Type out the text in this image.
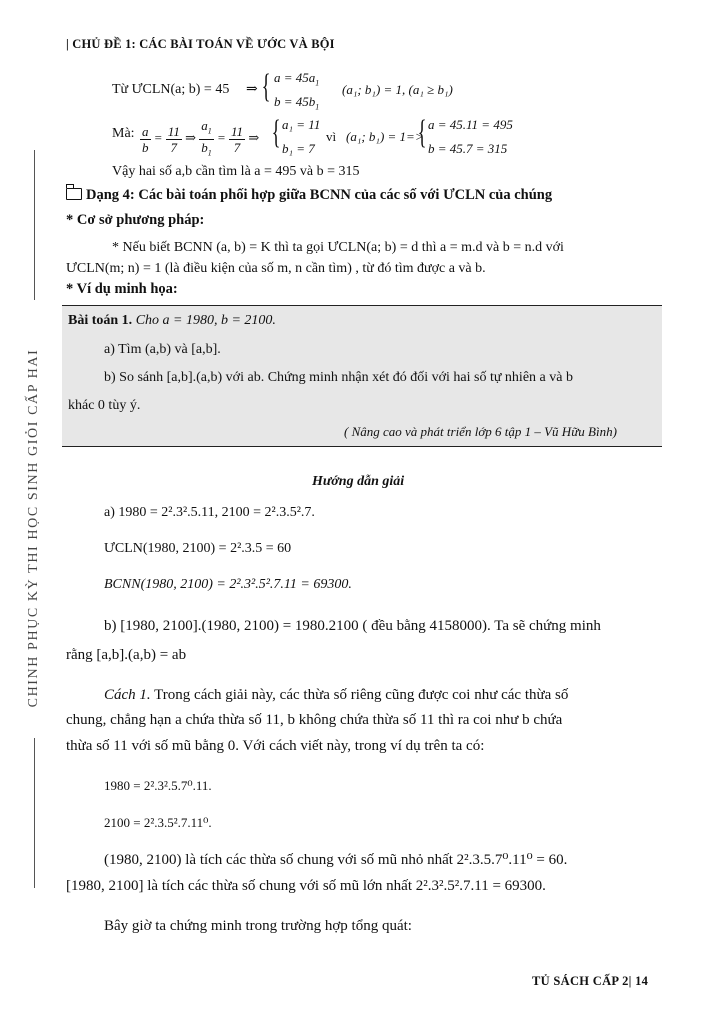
| CHỦ ĐỀ 1: CÁC BÀI TOÁN VỀ ƯỚC VÀ BỘI
CHINH PHỤC KỲ THI HỌC SINH GIỎI CẤP HAI
Từ ƯCLN(a; b) = 45 ⇒ { $a = 45a_1$
$b = 45b_1$
(a₁; b₁) = 1, (a₁ ≥ b₁)
Mà: $\frac{a}{b} = \frac{11}{7}$ ⇒ $\frac{a_1}{b_1} = \frac{11}{7}$ ⇒ { a₁ = 11
b₁ = 7
vì (a₁; b₁) = 1=>
{ a = 45.11 = 495
b = 45.7 = 315
Vậy hai số a,b cần tìm là a = 495 và b = 315
Dạng 4: Các bài toán phối hợp giữa BCNN của các số với ƯCLN của chúng
* Cơ sở phương pháp:
* Nếu biết BCNN (a, b) = K thì ta gọi ƯCLN(a; b) = d thì a = m.d và b = n.d với
ƯCLN(m; n) = 1 (là điều kiện của số m, n cần tìm) , từ đó tìm được a và b.
* Ví dụ minh họa:
Bài toán 1. Cho a = 1980, b = 2100.
a) Tìm (a,b) và [a,b].
b) So sánh [a,b].(a,b) với ab. Chứng minh nhận xét đó đối với hai số tự nhiên a và b
khác 0 tùy ý.
( Nâng cao và phát triển lớp 6 tập 1 – Vũ Hữu Bình)
Hướng dẫn giải
a) 1980 = 2².3².5.11, 2100 = 2².3.5².7.
ƯCLN(1980, 2100) = 2².3.5 = 60
BCNN(1980, 2100) = 2².3².5².7.11 = 69300.
b) [1980, 2100].(1980, 2100) = 1980.2100 ( đều bằng 4158000). Ta sẽ chứng minh
rằng [a,b].(a,b) = ab
Cách 1. Trong cách giải này, các thừa số riêng cũng được coi như các thừa số
chung, chẳng hạn a chứa thừa số 11, b không chứa thừa số 11 thì ra coi như b chứa
thừa số 11 với số mũ bằng 0. Với cách viết này, trong ví dụ trên ta có:
1980 = 2².3².5.7⁰.11.
2100 = 2².3.5².7.11⁰.
(1980, 2100) là tích các thừa số chung với số mũ nhỏ nhất 2².3.5.7⁰.11⁰ = 60.
[1980, 2100] là tích các thừa số chung với số mũ lớn nhất 2².3².5².7.11 = 69300.
Bây giờ ta chứng minh trong trường hợp tổng quát:
TỦ SÁCH CẤP 2| 14
